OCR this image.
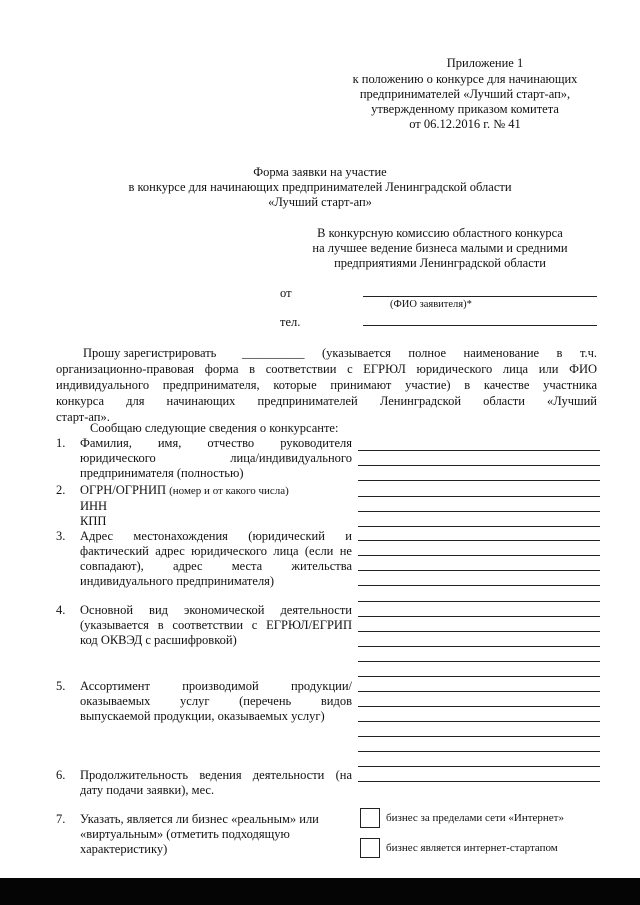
Приложение 1
к положению о конкурсе для начинающих
предпринимателей «Лучший старт-ап»,
утвержденному приказом комитета
от 06.12.2016 г. № 41
Форма заявки на участие
в конкурсе для начинающих предпринимателей Ленинградской области
«Лучший старт-ап»
В конкурсную комиссию областного конкурса
на лучшее ведение бизнеса малыми и средними
предприятиями Ленинградской области
от
(ФИО заявителя)*
тел.
Прошу зарегистрировать __________ (указывается полное наименование в т.ч.
организационно-правовая форма в соответствии с ЕГРЮЛ юридического лица или ФИО
индивидуального предпринимателя, которые принимают участие) в качестве участника
конкурса для начинающих предпринимателей Ленинградской области «Лучший
старт-ап».
Сообщаю следующие сведения о конкурсанте:
1. Фамилия, имя, отчество руководителя
юридического лица/индивидуального
предпринимателя (полностью)
2. ОГРН/ОГРНИП (номер и от какого числа)
ИНН
КПП
3. Адрес местонахождения (юридический и
фактический адрес юридического лица (если не
совпадают), адрес места жительства
индивидуального предпринимателя)
4. Основной вид экономической деятельности
(указывается в соответствии с ЕГРЮЛ/ЕГРИП
код ОКВЭД с расшифровкой)
5. Ассортимент производимой продукции/
оказываемых услуг (перечень видов
выпускаемой продукции, оказываемых услуг)
6. Продолжительность ведения деятельности (на
дату подачи заявки), мес.
7. Указать, является ли бизнес «реальным» или
«виртуальным» (отметить подходящую
характеристику)
бизнес за пределами сети «Интернет»
бизнес является интернет-стартапом
